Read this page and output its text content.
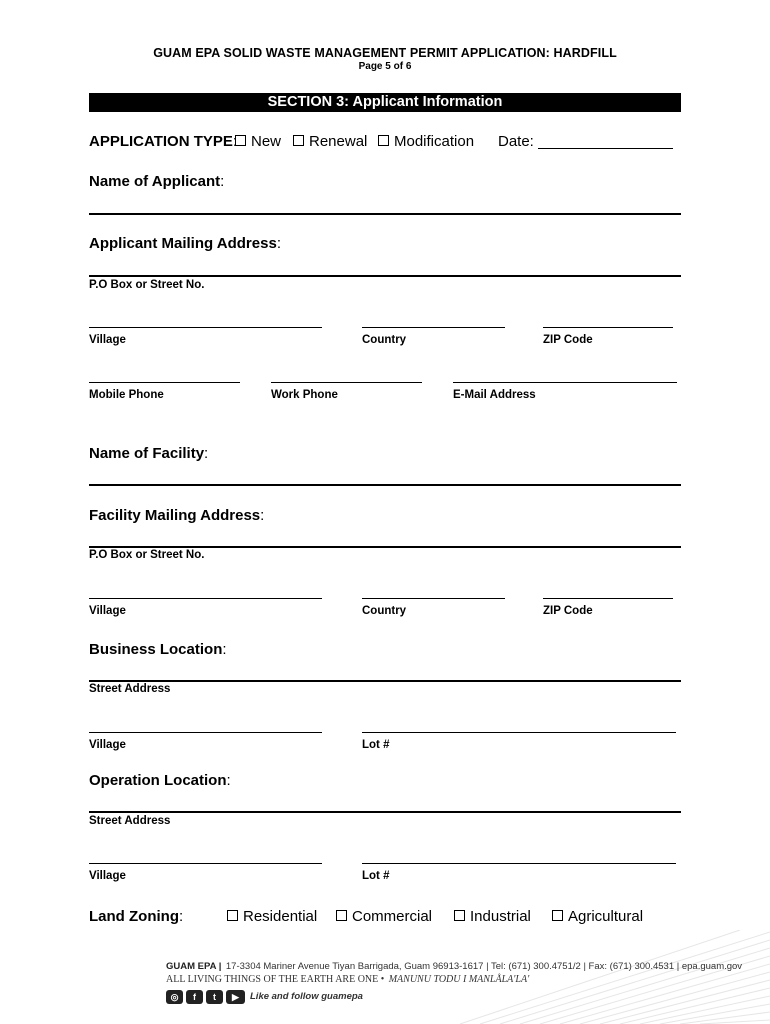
GUAM EPA SOLID WASTE MANAGEMENT PERMIT APPLICATION: HARDFILL
Page 5 of 6
SECTION 3: Applicant Information
APPLICATION TYPE: New	Renewal	Modification Date:
Name of Applicant:
Applicant Mailing Address:
P.O Box or Street No.
Village	Country	ZIP Code
Mobile Phone	Work Phone	E-Mail Address
Name of Facility:
Facility Mailing Address:
P.O Box or Street No.
Village	Country	ZIP Code
Business Location:
Street Address
Village	Lot #
Operation Location:
Street Address
Village	Lot #
Land Zoning:	Residential	Commercial	Industrial	Agricultural
GUAM EPA | 17-3304 Mariner Avenue Tiyan Barrigada, Guam 96913-1617 | Tel: (671) 300.4751/2 | Fax: (671) 300.4531 | epa.guam.gov
ALL LIVING THINGS OF THE EARTH ARE ONE • MANUNU TODU I MANLÅLA'LA'
◎	f	t	▶	Like and follow guamepa
